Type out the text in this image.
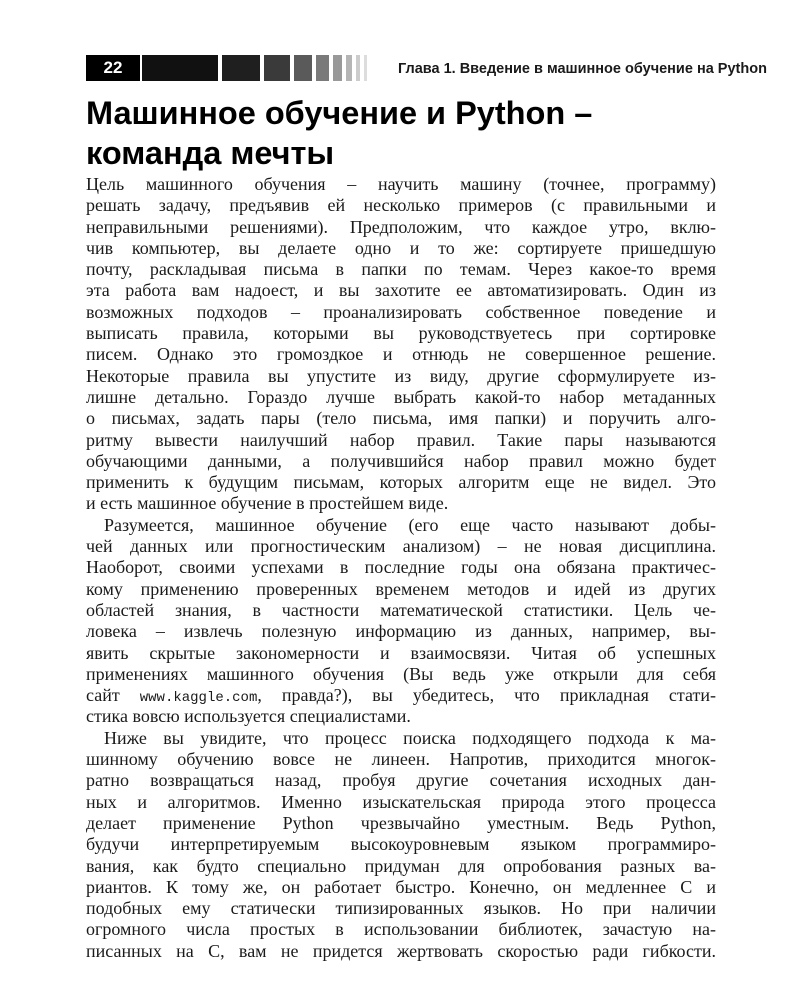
22	Глава 1. Введение в машинное обучение на Python
Машинное обучение и Python –
команда мечты
Цель машинного обучения – научить машину (точнее, программу)
решать задачу, предъявив ей несколько примеров (с правильными и
неправильными решениями). Предположим, что каждое утро, вклю-
чив компьютер, вы делаете одно и то же: сортируете пришедшую
почту, раскладывая письма в папки по темам. Через какое-то время
эта работа вам надоест, и вы захотите ее автоматизировать. Один из
возможных подходов – проанализировать собственное поведение и
выписать правила, которыми вы руководствуетесь при сортировке
писем. Однако это громоздкое и отнюдь не совершенное решение.
Некоторые правила вы упустите из виду, другие сформулируете из-
лишне детально. Гораздо лучше выбрать какой-то набор метаданных
о письмах, задать пары (тело письма, имя папки) и поручить алго-
ритму вывести наилучший набор правил. Такие пары называются
обучающими данными, а получившийся набор правил можно будет
применить к будущим письмам, которых алгоритм еще не видел. Это
и есть машинное обучение в простейшем виде.
Разумеется, машинное обучение (его еще часто называют добы-
чей данных или прогностическим анализом) – не новая дисциплина.
Наоборот, своими успехами в последние годы она обязана практичес-
кому применению проверенных временем методов и идей из других
областей знания, в частности математической статистики. Цель че-
ловека – извлечь полезную информацию из данных, например, вы-
явить скрытые закономерности и взаимосвязи. Читая об успешных
применениях машинного обучения (Вы ведь уже открыли для себя
сайт www.kaggle.com, правда?), вы убедитесь, что прикладная стати-
стика вовсю используется специалистами.
Ниже вы увидите, что процесс поиска подходящего подхода к ма-
шинному обучению вовсе не линеен. Напротив, приходится многок-
ратно возвращаться назад, пробуя другие сочетания исходных дан-
ных и алгоритмов. Именно изыскательская природа этого процесса
делает применение Python чрезвычайно уместным. Ведь Python,
будучи интерпретируемым высокоуровневым языком программиро-
вания, как будто специально придуман для опробования разных ва-
риантов. К тому же, он работает быстро. Конечно, он медленнее C и
подобных ему статически типизированных языков. Но при наличии
огромного числа простых в использовании библиотек, зачастую на-
писанных на C, вам не придется жертвовать скоростью ради гибкости.
